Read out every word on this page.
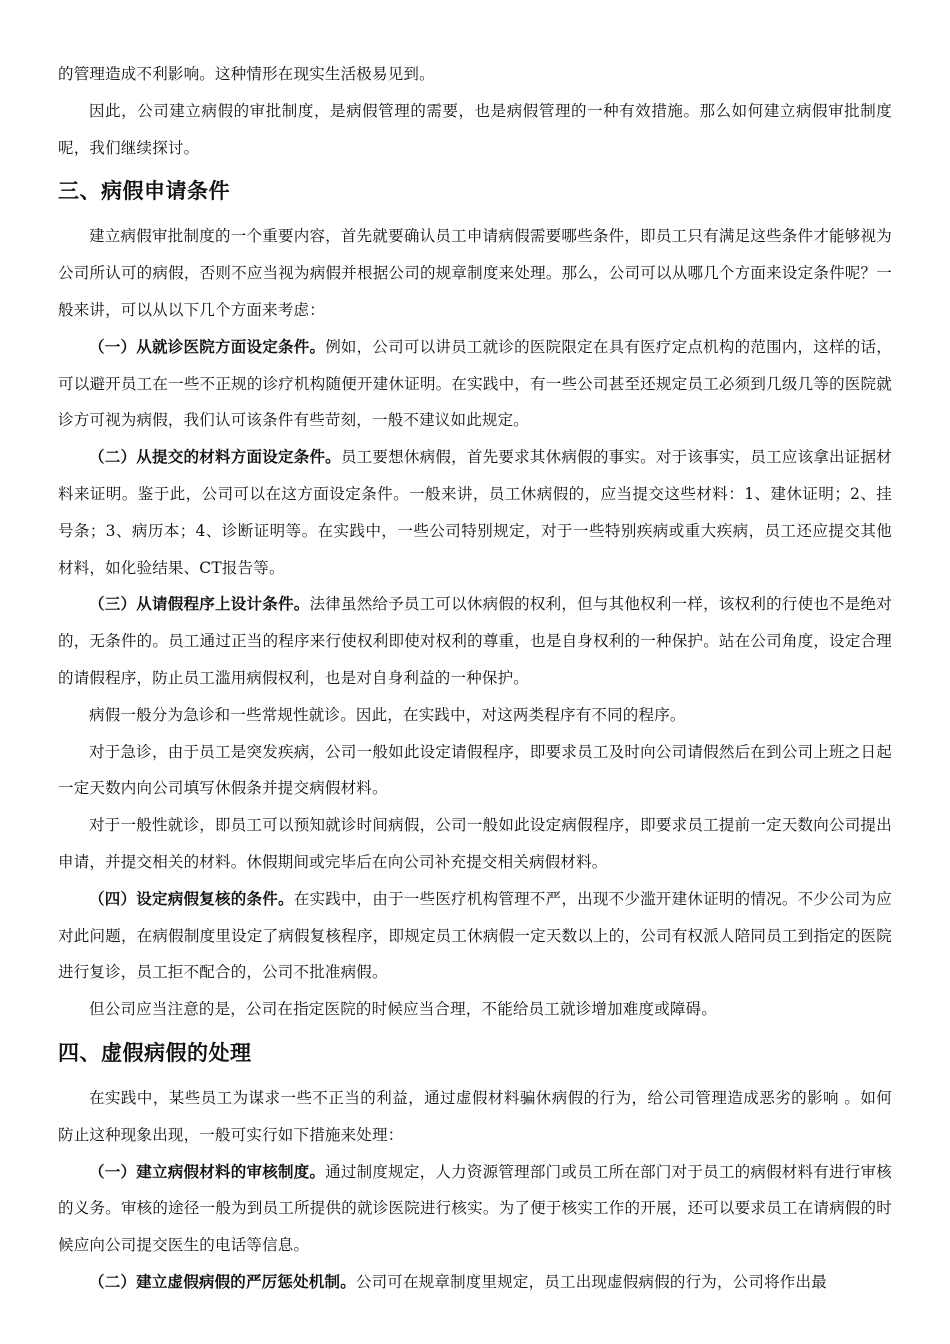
的管理造成不利影响。这种情形在现实生活极易见到。

因此，公司建立病假的审批制度，是病假管理的需要，也是病假管理的一种有效措施。那么如何建立病假审批制度呢，我们继续探讨。

三、病假申请条件

建立病假审批制度的一个重要内容，首先就要确认员工申请病假需要哪些条件，即员工只有满足这些条件才能够视为公司所认可的病假，否则不应当视为病假并根据公司的规章制度来处理。那么，公司可以从哪几个方面来设定条件呢？一般来讲，可以从以下几个方面来考虑：

（一）从就诊医院方面设定条件。例如，公司可以讲员工就诊的医院限定在具有医疗定点机构的范围内，这样的话，可以避开员工在一些不正规的诊疗机构随便开建休证明。在实践中，有一些公司甚至还规定员工必须到几级几等的医院就诊方可视为病假，我们认可该条件有些苛刻，一般不建议如此规定。

（二）从提交的材料方面设定条件。员工要想休病假，首先要求其休病假的事实。对于该事实，员工应该拿出证据材料来证明。鉴于此，公司可以在这方面设定条件。一般来讲，员工休病假的，应当提交这些材料：1、建休证明；2、挂号条；3、病历本；4、诊断证明等。在实践中，一些公司特别规定，对于一些特别疾病或重大疾病，员工还应提交其他材料，如化验结果、CT报告等。

（三）从请假程序上设计条件。法律虽然给予员工可以休病假的权利，但与其他权利一样，该权利的行使也不是绝对的，无条件的。员工通过正当的程序来行使权利即使对权利的尊重，也是自身权利的一种保护。站在公司角度，设定合理的请假程序，防止员工滥用病假权利，也是对自身利益的一种保护。

病假一般分为急诊和一些常规性就诊。因此，在实践中，对这两类程序有不同的程序。

对于急诊，由于员工是突发疾病，公司一般如此设定请假程序，即要求员工及时向公司请假然后在到公司上班之日起一定天数内向公司填写休假条并提交病假材料。

对于一般性就诊，即员工可以预知就诊时间病假，公司一般如此设定病假程序，即要求员工提前一定天数向公司提出申请，并提交相关的材料。休假期间或完毕后在向公司补充提交相关病假材料。

（四）设定病假复核的条件。在实践中，由于一些医疗机构管理不严，出现不少滥开建休证明的情况。不少公司为应对此问题，在病假制度里设定了病假复核程序，即规定员工休病假一定天数以上的，公司有权派人陪同员工到指定的医院进行复诊，员工拒不配合的，公司不批准病假。

但公司应当注意的是，公司在指定医院的时候应当合理，不能给员工就诊增加难度或障碍。

四、虚假病假的处理

在实践中，某些员工为谋求一些不正当的利益，通过虚假材料骗休病假的行为，给公司管理造成恶劣的影响 。如何防止这种现象出现，一般可实行如下措施来处理：

（一）建立病假材料的审核制度。通过制度规定，人力资源管理部门或员工所在部门对于员工的病假材料有进行审核的义务。审核的途径一般为到员工所提供的就诊医院进行核实。为了便于核实工作的开展，还可以要求员工在请病假的时候应向公司提交医生的电话等信息。

（二）建立虚假病假的严厉惩处机制。公司可在规章制度里规定，员工出现虚假病假的行为，公司将作出最
